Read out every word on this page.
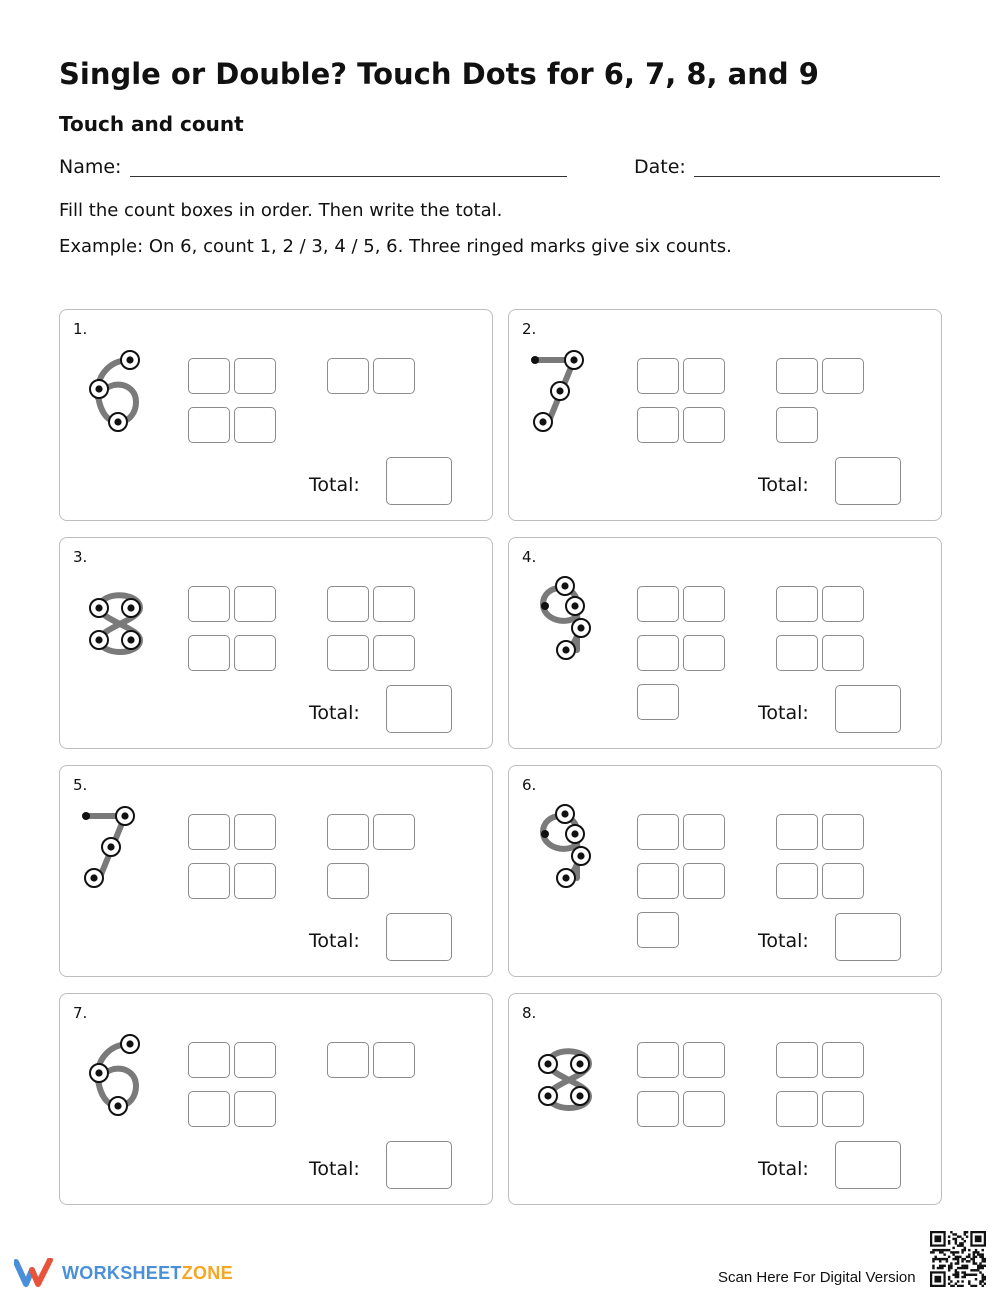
Single or Double? Touch Dots for 6, 7, 8, and 9
Touch and count
Name:	Date:
Fill the count boxes in order. Then write the total.
Example: On 6, count 1, 2 / 3, 4 / 5, 6. Three ringed marks give six counts.
1.
Total:
2.
Total:
3.
Total:
4.
Total:
5.
Total:
6.
Total:
7.
Total:
8.
Total:
WORKSHEETZONE	Scan Here For Digital Version
